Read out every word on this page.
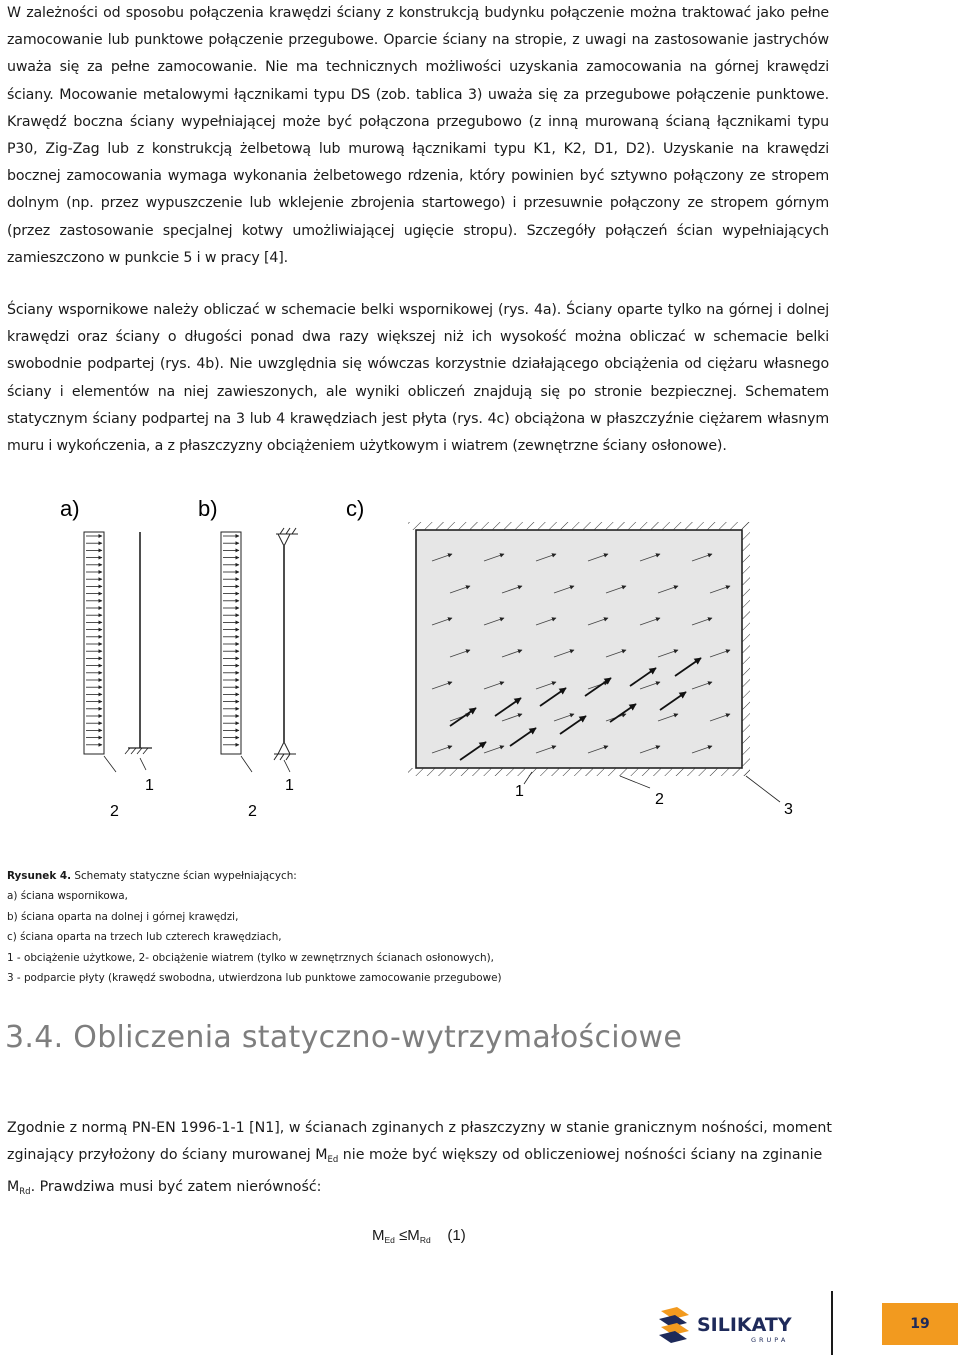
W zależności od sposobu połączenia krawędzi ściany z konstrukcją budynku połączenie można traktować jako pełne zamocowanie lub punktowe połączenie przegubowe. Oparcie ściany na stropie, z uwagi na zastosowanie jastrychów uważa się za pełne zamocowanie. Nie ma technicznych możliwości uzyskania zamocowania na górnej krawędzi ściany. Mocowanie metalowymi łącznikami typu DS (zob. tablica 3) uważa się za przegubowe połączenie punktowe. Krawędź boczna ściany wypełniającej może być połączona przegubowo (z inną murowaną ścianą łącznikami typu P30, Zig-Zag lub z konstrukcją żelbetową lub murową łącznikami typu K1, K2, D1, D2). Uzyskanie na krawędzi bocznej zamocowania wymaga wykonania żelbetowego rdzenia, który powinien być sztywno połączony ze stropem dolnym (np. przez wypuszczenie lub wklejenie zbrojenia startowego) i przesuwnie połączony ze stropem górnym (przez zastosowanie specjalnej kotwy umożliwiającej ugięcie stropu). Szczegóły połączeń ścian wypełniających zamieszczono w punkcie 5 i w pracy [4].
Ściany wspornikowe należy obliczać w schemacie belki wspornikowej (rys. 4a). Ściany oparte tylko na górnej i dolnej krawędzi oraz ściany o długości ponad dwa razy większej niż ich wysokość można obliczać w schemacie belki swobodnie podpartej (rys. 4b). Nie uwzględnia się wówczas korzystnie działającego obciążenia od ciężaru własnego ściany i elementów na niej zawieszonych, ale wyniki obliczeń znajdują się po stronie bezpiecznej. Schematem statycznym ściany podpartej na 3 lub 4 krawędziach jest płyta (rys. 4c) obciążona w płaszczyźnie ciężarem własnym muru i wykończenia, a z płaszczyzny obciążeniem użytkowym i wiatrem (zewnętrzne ściany osłonowe).
a)	b)	c)
1
2
1
2
1	2
3
Rysunek 4. Schematy statyczne ścian wypełniających:
a) ściana wspornikowa,
b) ściana oparta na dolnej i górnej krawędzi,
c) ściana oparta na trzech lub czterech krawędziach,
1 - obciążenie użytkowe, 2- obciążenie wiatrem (tylko w zewnętrznych ścianach osłonowych),
3 - podparcie płyty (krawędź swobodna, utwierdzona lub punktowe zamocowanie przegubowe)
3.4. Obliczenia statyczno-wytrzymałościowe
Zgodnie z normą PN-EN 1996-1-1 [N1], w ścianach zginanych z płaszczyzny w stanie granicznym nośności, moment zginający przyłożony do ściany murowanej $M_{Ed}$ nie może być większy od obliczeniowej nośności ściany na zginanie $M_{Rd}$. Prawdziwa musi być zatem nierówność:
$M_{Ed} \le M_{Rd}$    (1)
SILIKATY
GRUPA
19
